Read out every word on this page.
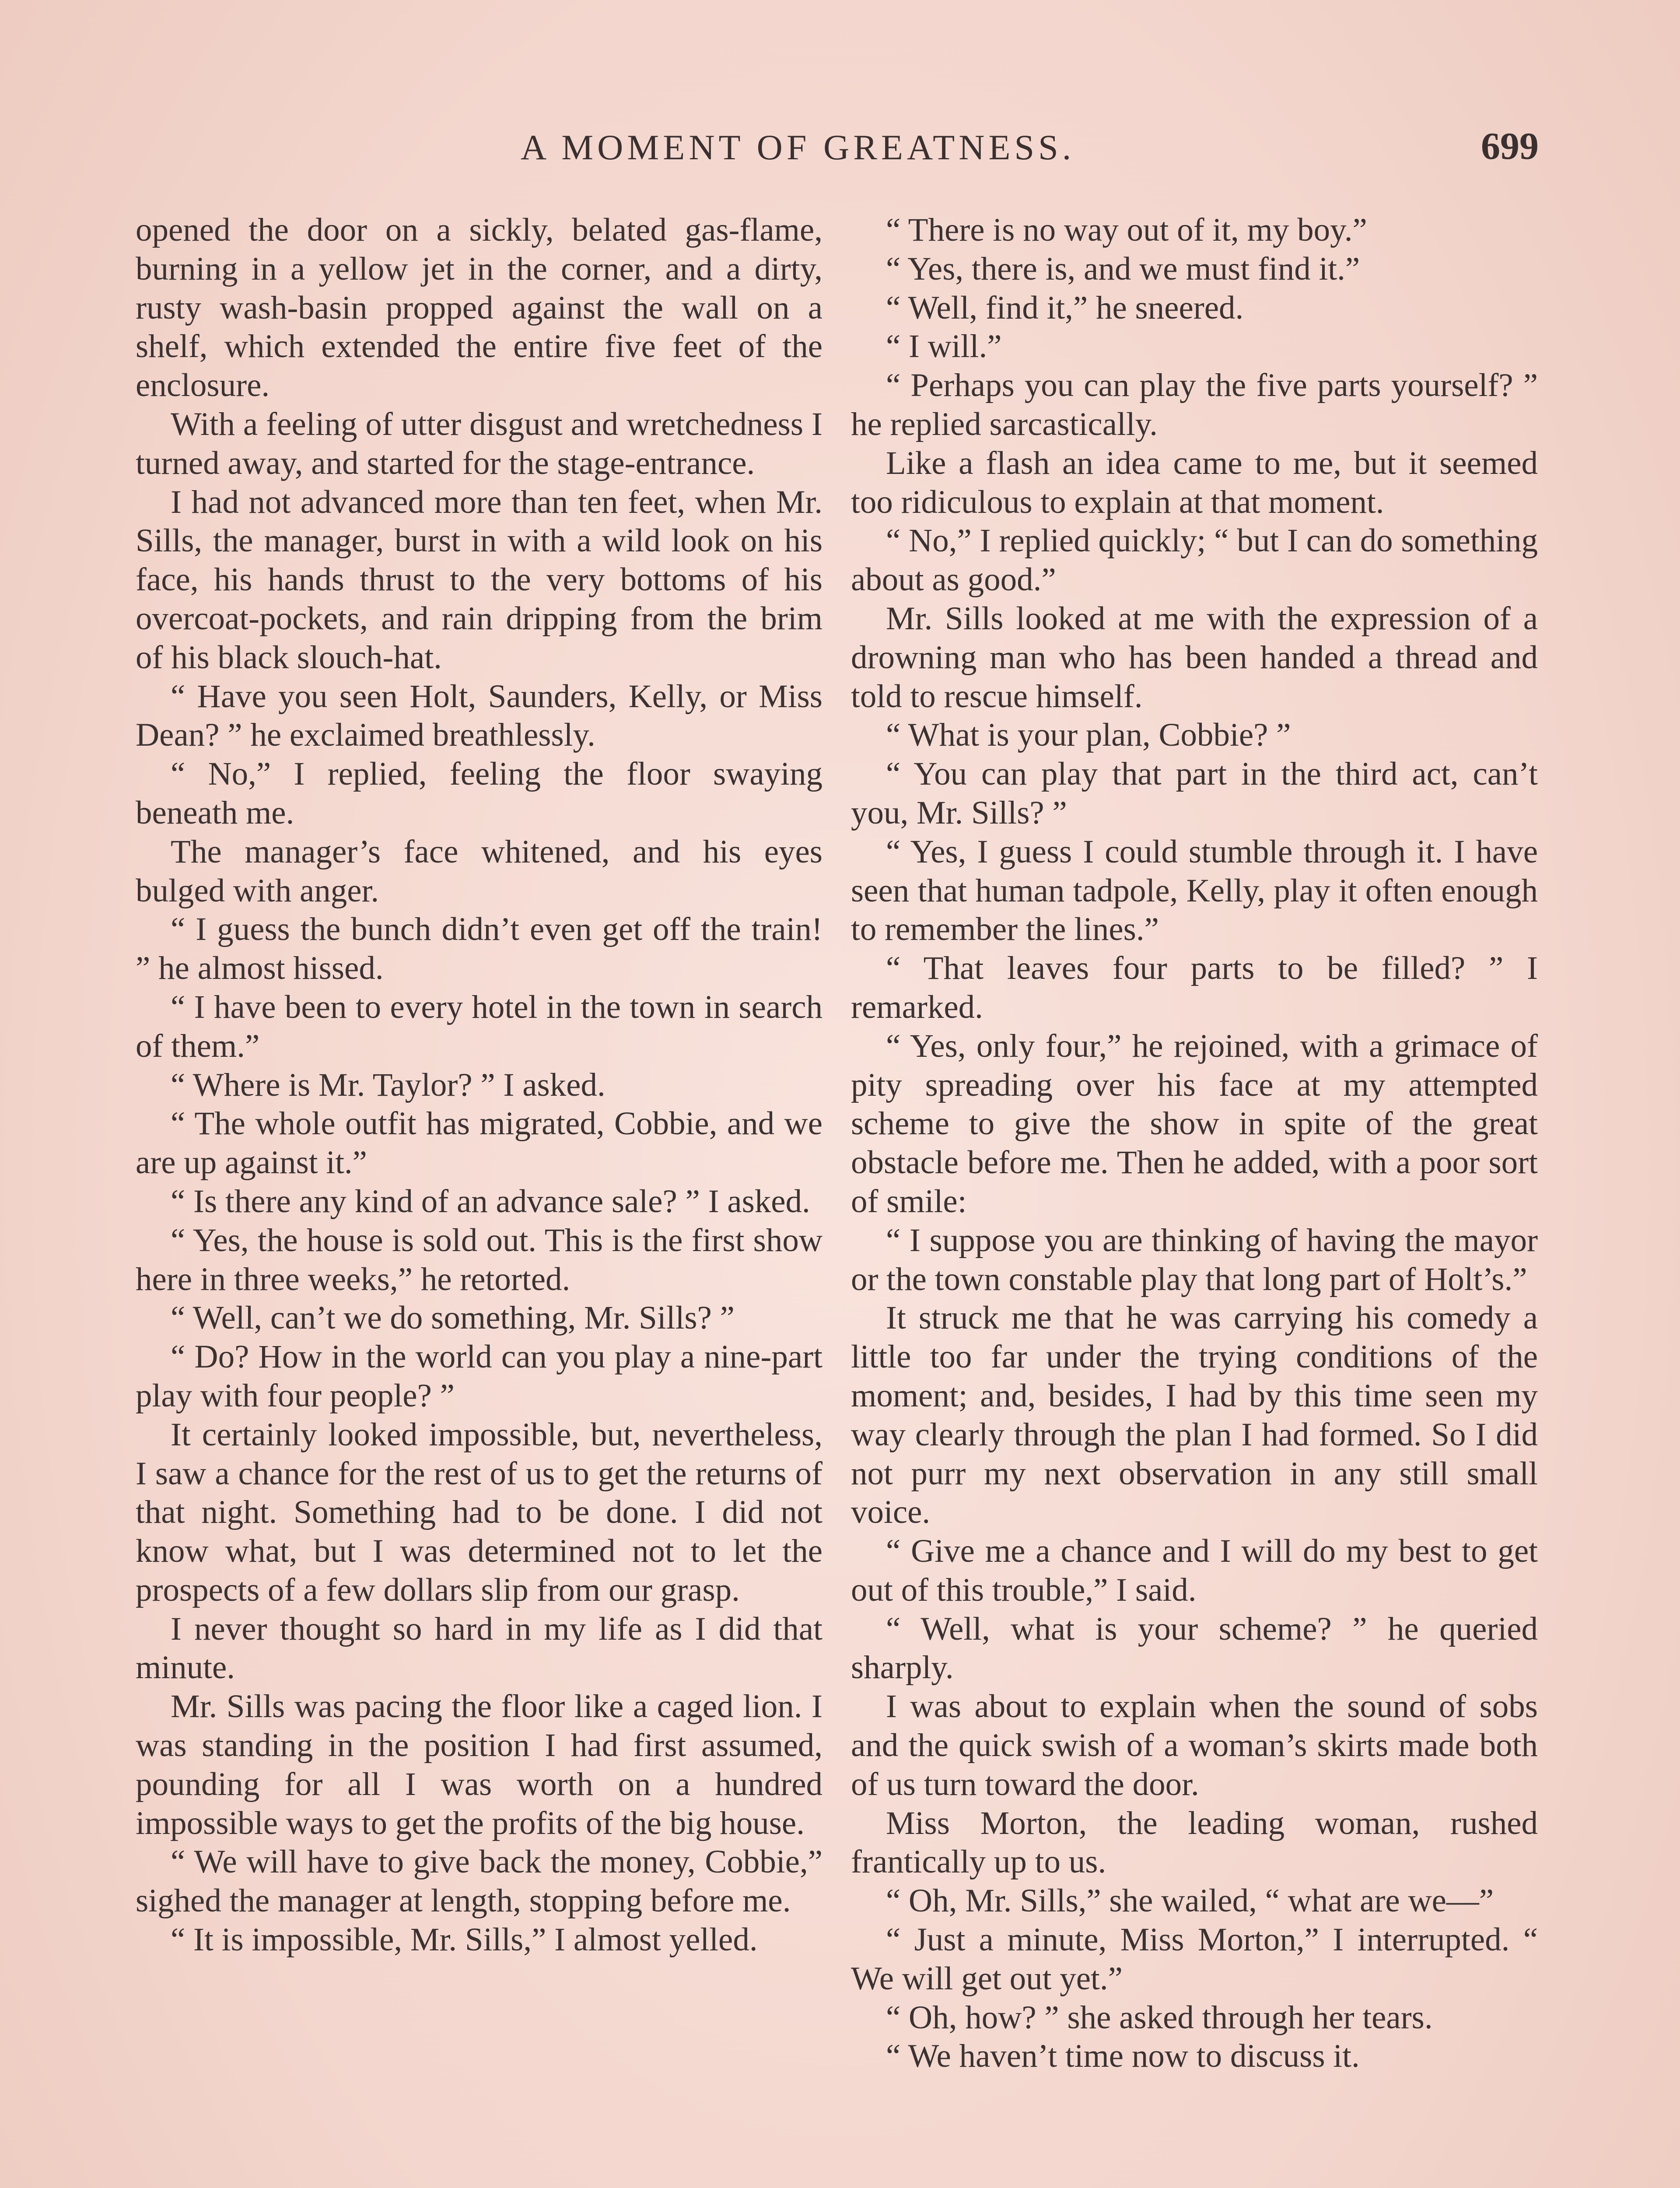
A MOMENT OF GREATNESS.	699

opened the door on a sickly, belated gas-flame, burning in a yellow jet in the corner, and a dirty, rusty wash-basin propped against the wall on a shelf, which extended the entire five feet of the enclosure.

With a feeling of utter disgust and wretchedness I turned away, and started for the stage-entrance.

I had not advanced more than ten feet, when Mr. Sills, the manager, burst in with a wild look on his face, his hands thrust to the very bottoms of his overcoat-pockets, and rain dripping from the brim of his black slouch-hat.

“ Have you seen Holt, Saunders, Kelly, or Miss Dean? ” he exclaimed breathlessly.

“ No,” I replied, feeling the floor swaying beneath me.

The manager’s face whitened, and his eyes bulged with anger.

“ I guess the bunch didn’t even get off the train! ” he almost hissed.

“ I have been to every hotel in the town in search of them.”

“ Where is Mr. Taylor? ” I asked.

“ The whole outfit has migrated, Cobbie, and we are up against it.”

“ Is there any kind of an advance sale? ” I asked.

“ Yes, the house is sold out. This is the first show here in three weeks,” he retorted.

“ Well, can’t we do something, Mr. Sills? ”

“ Do? How in the world can you play a nine-part play with four people? ”

It certainly looked impossible, but, nevertheless, I saw a chance for the rest of us to get the returns of that night. Something had to be done. I did not know what, but I was determined not to let the prospects of a few dollars slip from our grasp.

I never thought so hard in my life as I did that minute.

Mr. Sills was pacing the floor like a caged lion. I was standing in the position I had first assumed, pounding for all I was worth on a hundred impossible ways to get the profits of the big house.

“ We will have to give back the money, Cobbie,” sighed the manager at length, stopping before me.

“ It is impossible, Mr. Sills,” I almost yelled.

“ There is no way out of it, my boy.”

“ Yes, there is, and we must find it.”

“ Well, find it,” he sneered.

“ I will.”

“ Perhaps you can play the five parts yourself? ” he replied sarcastically.

Like a flash an idea came to me, but it seemed too ridiculous to explain at that moment.

“ No,” I replied quickly; “ but I can do something about as good.”

Mr. Sills looked at me with the expression of a drowning man who has been handed a thread and told to rescue himself.

“ What is your plan, Cobbie? ”

“ You can play that part in the third act, can’t you, Mr. Sills? ”

“ Yes, I guess I could stumble through it. I have seen that human tadpole, Kelly, play it often enough to remember the lines.”

“ That leaves four parts to be filled? ” I remarked.

“ Yes, only four,” he rejoined, with a grimace of pity spreading over his face at my attempted scheme to give the show in spite of the great obstacle before me. Then he added, with a poor sort of smile:

“ I suppose you are thinking of having the mayor or the town constable play that long part of Holt’s.”

It struck me that he was carrying his comedy a little too far under the trying conditions of the moment; and, besides, I had by this time seen my way clearly through the plan I had formed. So I did not purr my next observation in any still small voice.

“ Give me a chance and I will do my best to get out of this trouble,” I said.

“ Well, what is your scheme? ” he queried sharply.

I was about to explain when the sound of sobs and the quick swish of a woman’s skirts made both of us turn toward the door.

Miss Morton, the leading woman, rushed frantically up to us.

“ Oh, Mr. Sills,” she wailed, “ what are we—”

“ Just a minute, Miss Morton,” I interrupted. “ We will get out yet.”

“ Oh, how? ” she asked through her tears.

“ We haven’t time now to discuss it.
